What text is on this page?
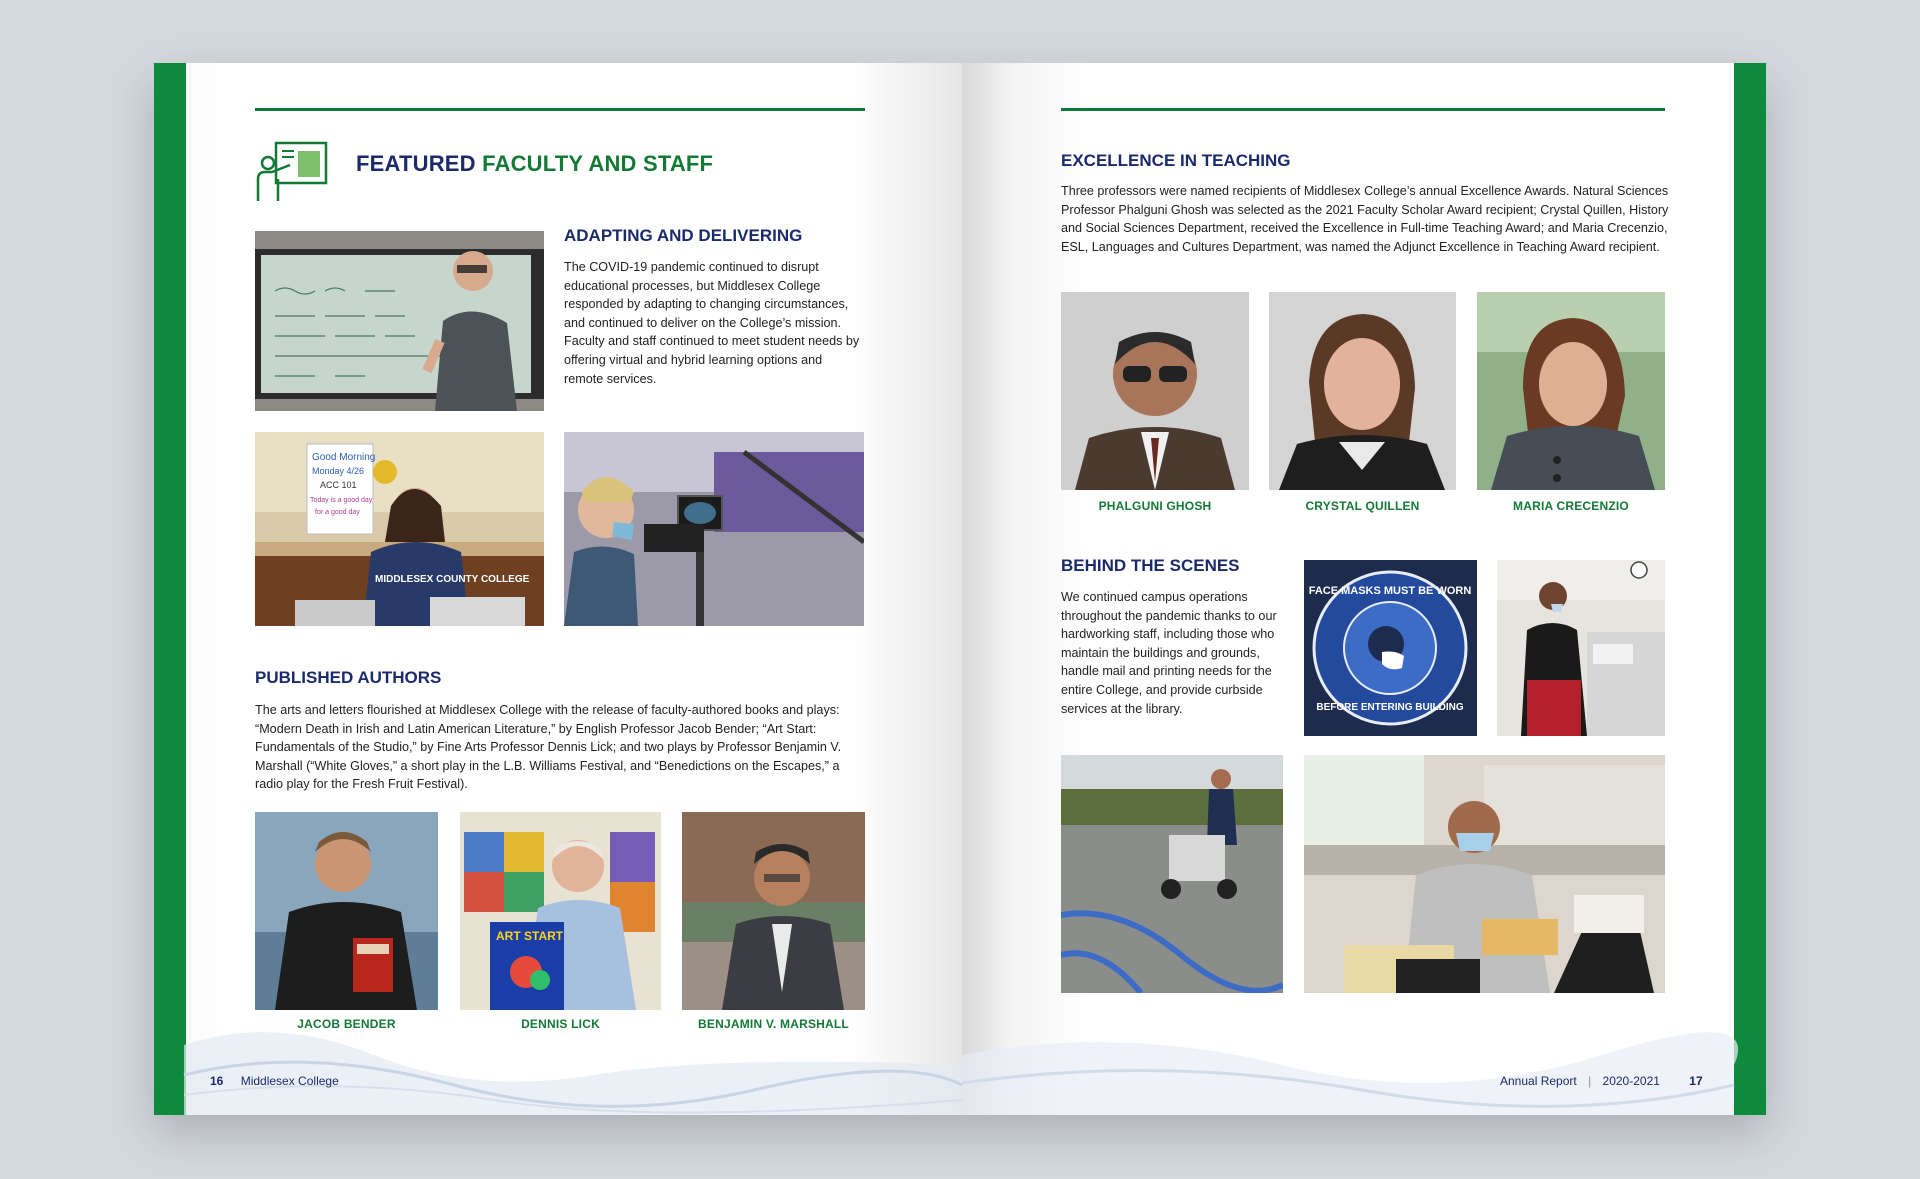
FEATURED FACULTY AND STAFF
ADAPTING AND DELIVERING
The COVID-19 pandemic continued to disrupt educational processes, but Middlesex College responded by adapting to changing circumstances, and continued to deliver on the College’s mission. Faculty and staff continued to meet student needs by offering virtual and hybrid learning options and remote services.
Good Morning
Monday 4/26
ACC 101
Today is a good day
for a good day
MIDDLESEX COUNTY COLLEGE
PUBLISHED AUTHORS
The arts and letters flourished at Middlesex College with the release of faculty-authored books and plays: “Modern Death in Irish and Latin American Literature,” by English Professor Jacob Bender; “Art Start: Fundamentals of the Studio,” by Fine Arts Professor Dennis Lick; and two plays by Professor Benjamin V. Marshall (“White Gloves,” a short play in the L.B. Williams Festival, and “Benedictions on the Escapes,” a radio play for the Fresh Fruit Festival).
JACOB BENDER
ART START
DENNIS LICK	BENJAMIN V. MARSHALL
16 Middlesex College
EXCELLENCE IN TEACHING
Three professors were named recipients of Middlesex College’s annual Excellence Awards. Natural Sciences Professor Phalguni Ghosh was selected as the 2021 Faculty Scholar Award recipient; Crystal Quillen, History and Social Sciences Department, received the Excellence in Full-time Teaching Award; and Maria Crecenzio, ESL, Languages and Cultures Department, was named the Adjunct Excellence in Teaching Award recipient.
PHALGUNI GHOSH	CRYSTAL QUILLEN	MARIA CRECENZIO
BEHIND THE SCENES
We continued campus operations throughout the pandemic thanks to our hardworking staff, including those who maintain the buildings and grounds, handle mail and printing needs for the entire College, and provide curbside services at the library.
FACE MASKS MUST BE WORN
BEFORE ENTERING BUILDING
Annual Report | 2020-2021 17
